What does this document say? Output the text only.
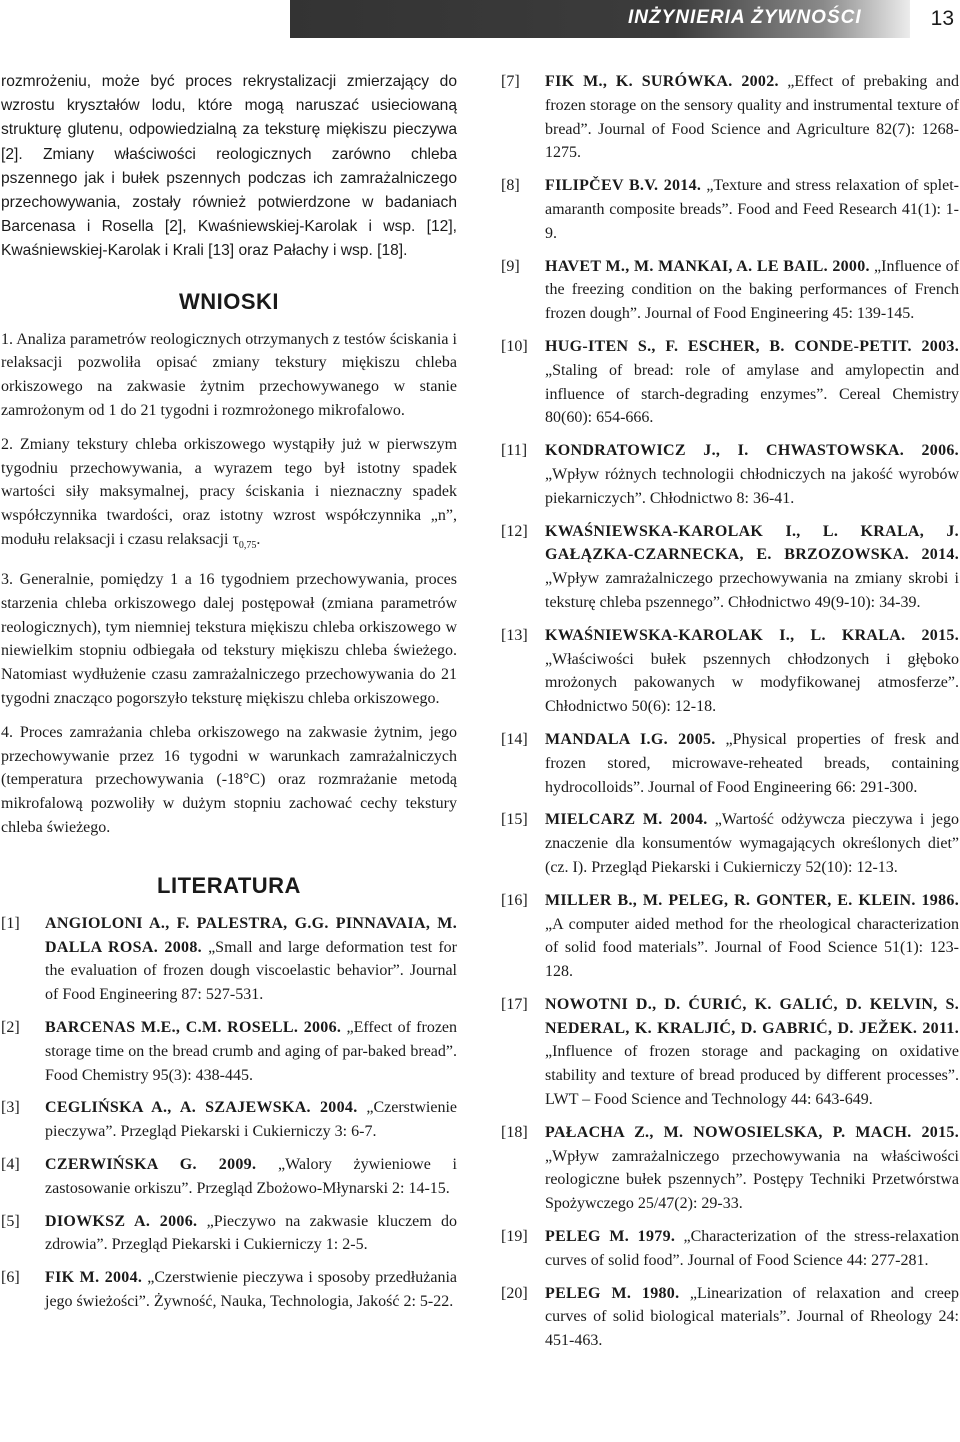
INŻYNIERIA ŻYWNOŚCI	13

rozmrożeniu, może być proces rekrystalizacji zmierzający do wzrostu kryształów lodu, które mogą naruszać usieciowaną strukturę glutenu, odpowiedzialną za teksturę miękiszu pieczywa [2]. Zmiany właściwości reologicznych zarówno chleba pszennego jak i bułek pszennych podczas ich zamrażalniczego przechowywania, zostały również potwierdzone w badaniach Barcenasa i Rosella [2], Kwaśniewskiej-Karolak i wsp. [12], Kwaśniewskiej-Karolak i Krali [13] oraz Pałachy i wsp. [18].

WNIOSKI

1. Analiza parametrów reologicznych otrzymanych z testów ściskania i relaksacji pozwoliła opisać zmiany tekstury miękiszu chleba orkiszowego na zakwasie żytnim przechowywanego w stanie zamrożonym od 1 do 21 tygodni i rozmrożonego mikrofalowo.

2. Zmiany tekstury chleba orkiszowego wystąpiły już w pierwszym tygodniu przechowywania, a wyrazem tego był istotny spadek wartości siły maksymalnej, pracy ściskania i nieznaczny spadek współczynnika twardości, oraz istotny wzrost współczynnika „n”, modułu relaksacji i czasu relaksacji $\tau_{0,75}$.

3. Generalnie, pomiędzy 1 a 16 tygodniem przechowywania, proces starzenia chleba orkiszowego dalej postępował (zmiana parametrów reologicznych), tym niemniej tekstura miękiszu chleba orkiszowego w niewielkim stopniu odbiegała od tekstury miękiszu chleba świeżego. Natomiast wydłużenie czasu zamrażalniczego przechowywania do 21 tygodni znacząco pogorszyło teksturę miękiszu chleba orkiszowego.

4. Proces zamrażania chleba orkiszowego na zakwasie żytnim, jego przechowywanie przez 16 tygodni w warunkach zamrażalniczych (temperatura przechowywania (-18°C) oraz rozmrażanie metodą mikrofalową pozwoliły w dużym stopniu zachować cechy tekstury chleba świeżego.

LITERATURA
[1]	ANGIOLONI A., F. PALESTRA, G.G. PINNAVAIA, M. DALLA ROSA. 2008. „Small and large deformation test for the evaluation of frozen dough viscoelastic behavior”. Journal of Food Engineering 87: 527-531.
[2]	BARCENAS M.E., C.M. ROSELL. 2006. „Effect of frozen storage time on the bread crumb and aging of par-baked bread”. Food Chemistry 95(3): 438-445.
[3]	CEGLIŃSKA A., A. SZAJEWSKA. 2004. „Czerstwienie pieczywa”. Przegląd Piekarski i Cukierniczy 3: 6-7.
[4]	CZERWIŃSKA G. 2009. „Walory żywieniowe i zastosowanie orkiszu”. Przegląd Zbożowo-Młynarski 2: 14-15.
[5]	DIOWKSZ A. 2006. „Pieczywo na zakwasie kluczem do zdrowia”. Przegląd Piekarski i Cukierniczy 1: 2-5.
[6]	FIK M. 2004. „Czerstwienie pieczywa i sposoby przedłużania jego świeżości”. Żywność, Nauka, Technologia, Jakość 2: 5-22.
[7]	FIK M., K. SURÓWKA. 2002. „Effect of prebaking and frozen storage on the sensory quality and instrumental texture of bread”. Journal of Food Science and Agriculture 82(7): 1268-1275.
[8]	FILIPČEV B.V. 2014. „Texture and stress relaxation of splet-amaranth composite breads”. Food and Feed Research 41(1): 1-9.
[9]	HAVET M., M. MANKAI, A. LE BAIL. 2000. „Influence of the freezing condition on the baking performances of French frozen dough”. Journal of Food Engineering 45: 139-145.
[10]	HUG-ITEN S., F. ESCHER, B. CONDE-PETIT. 2003. „Staling of bread: role of amylase and amylopectin and influence of starch-degrading enzymes”. Cereal Chemistry 80(60): 654-666.
[11]	KONDRATOWICZ J., I. CHWASTOWSKA. 2006. „Wpływ różnych technologii chłodniczych na jakość wyrobów piekarniczych”. Chłodnictwo 8: 36-41.
[12]	KWAŚNIEWSKA-KAROLAK I., L. KRALA, J. GAŁĄZKA-CZARNECKA, E. BRZOZOWSKA. 2014. „Wpływ zamrażalniczego przechowywania na zmiany skrobi i teksturę chleba pszennego”. Chłodnictwo 49(9-10): 34-39.
[13]	KWAŚNIEWSKA-KAROLAK I., L. KRALA. 2015. „Właściwości bułek pszennych chłodzonych i głęboko mrożonych pakowanych w modyfikowanej atmosferze”. Chłodnictwo 50(6): 12-18.
[14]	MANDALA I.G. 2005. „Physical properties of fresk and frozen stored, microwave-reheated breads, containing hydrocolloids”. Journal of Food Engineering 66: 291-300.
[15]	MIELCARZ M. 2004. „Wartość odżywcza pieczywa i jego znaczenie dla konsumentów wymagających określonych diet” (cz. I). Przegląd Piekarski i Cukierniczy 52(10): 12-13.
[16]	MILLER B., M. PELEG, R. GONTER, E. KLEIN. 1986. „A computer aided method for the rheological characterization of solid food materials”. Journal of Food Science 51(1): 123-128.
[17]	NOWOTNI D., D. ĆURIĆ, K. GALIĆ, D. KELVIN, S. NEDERAL, K. KRALJIĆ, D. GABRIĆ, D. JEŽEK. 2011. „Influence of frozen storage and packaging on oxidative stability and texture of bread produced by different processes”. LWT – Food Science and Technology 44: 643-649.
[18]	PAŁACHA Z., M. NOWOSIELSKA, P. MACH. 2015. „Wpływ zamrażalniczego przechowywania na właściwości reologiczne bułek pszennych”. Postępy Techniki Przetwórstwa Spożywczego 25/47(2): 29-33.
[19]	PELEG M. 1979. „Characterization of the stress-relaxation curves of solid food”. Journal of Food Science 44: 277-281.
[20]	PELEG M. 1980. „Linearization of relaxation and creep curves of solid biological materials”. Journal of Rheology 24: 451-463.
